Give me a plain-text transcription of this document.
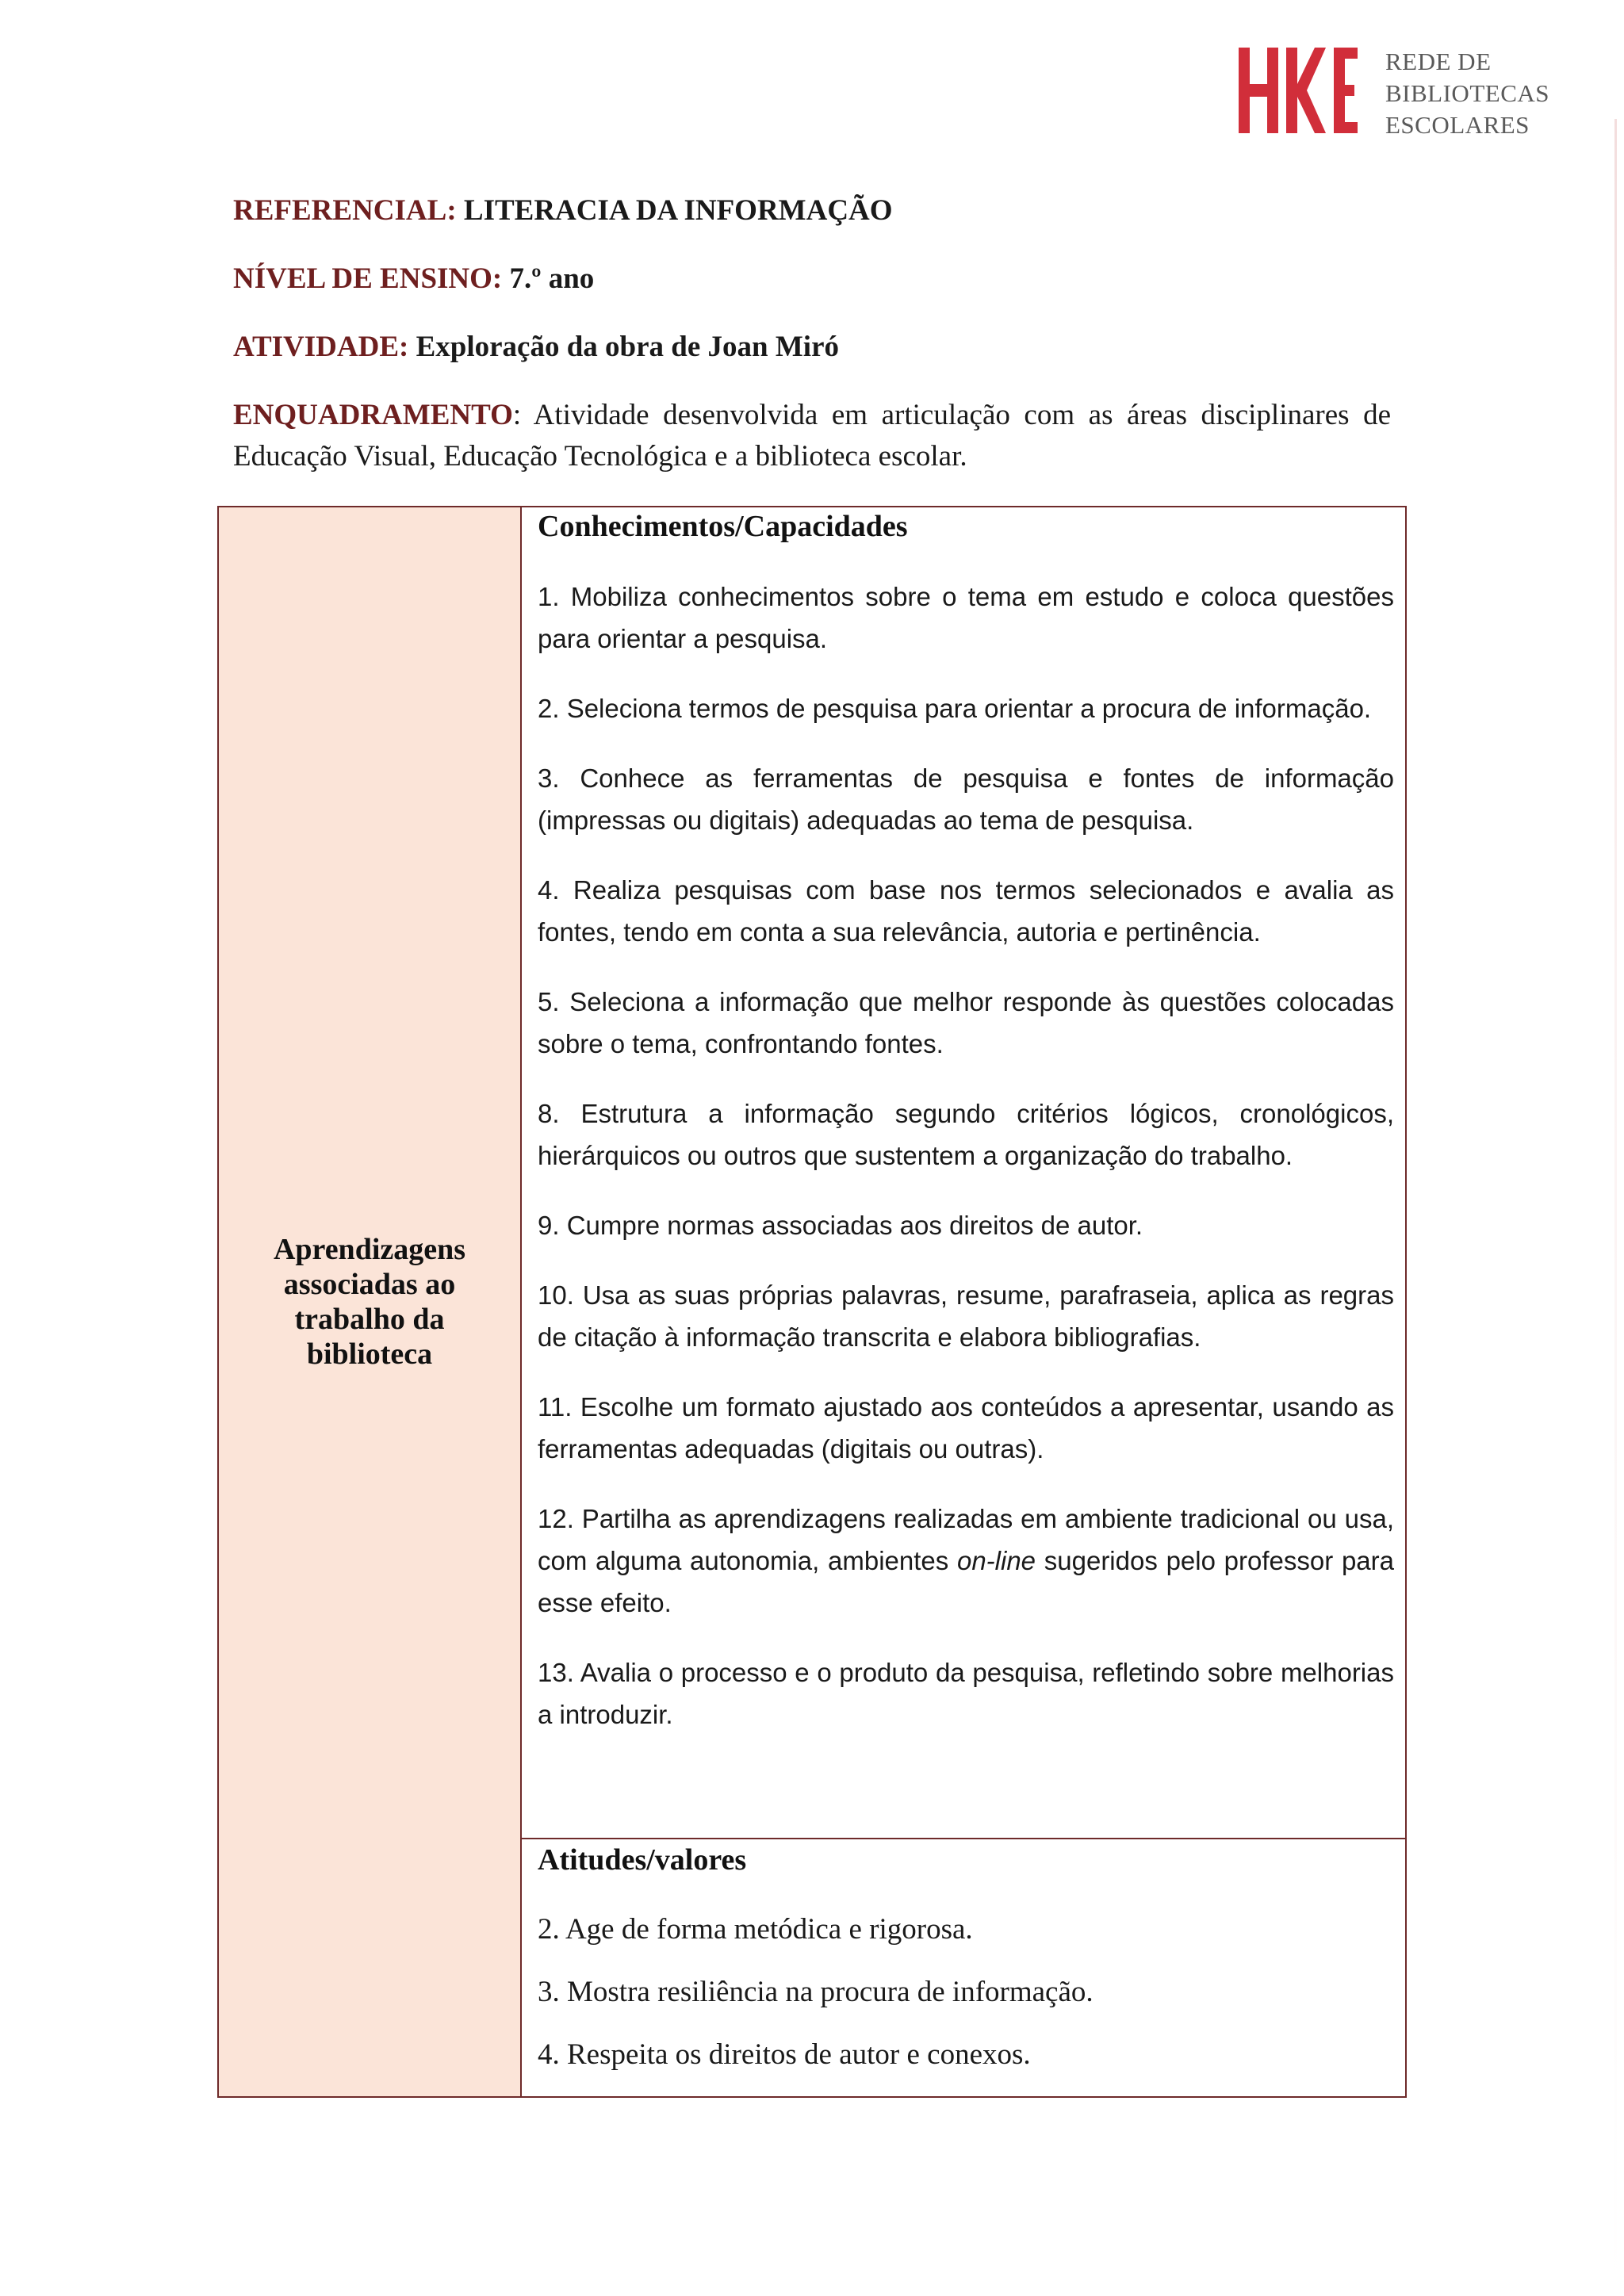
REDE DE
BIBLIOTECAS
ESCOLARES
REFERENCIAL: LITERACIA DA INFORMAÇÃO
NÍVEL DE ENSINO: 7.º ano
ATIVIDADE: Exploração da obra de Joan Miró
ENQUADRAMENTO: Atividade desenvolvida em articulação com as áreas disciplinares de Educação Visual, Educação Tecnológica e a biblioteca escolar.
Aprendizagens
associadas ao
trabalho da
biblioteca
Conhecimentos/Capacidades
1. Mobiliza conhecimentos sobre o tema em estudo e coloca questões para orientar a pesquisa.
2. Seleciona termos de pesquisa para orientar a procura de informação.
3. Conhece as ferramentas de pesquisa e fontes de informação (impressas ou digitais) adequadas ao tema de pesquisa.
4. Realiza pesquisas com base nos termos selecionados e avalia as fontes, tendo em conta a sua relevância, autoria e pertinência.
5. Seleciona a informação que melhor responde às questões colocadas sobre o tema, confrontando fontes.
8. Estrutura a informação segundo critérios lógicos, cronológicos, hierárquicos ou outros que sustentem a organização do trabalho.
9. Cumpre normas associadas aos direitos de autor.
10. Usa as suas próprias palavras, resume, parafraseia, aplica as regras de citação à informação transcrita e elabora bibliografias.
11. Escolhe um formato ajustado aos conteúdos a apresentar, usando as ferramentas adequadas (digitais ou outras).
12. Partilha as aprendizagens realizadas em ambiente tradicional ou usa, com alguma autonomia, ambientes on-line sugeridos pelo professor para esse efeito.
13. Avalia o processo e o produto da pesquisa, refletindo sobre melhorias a introduzir.
Atitudes/valores
2. Age de forma metódica e rigorosa.
3. Mostra resiliência na procura de informação.
4. Respeita os direitos de autor e conexos.
